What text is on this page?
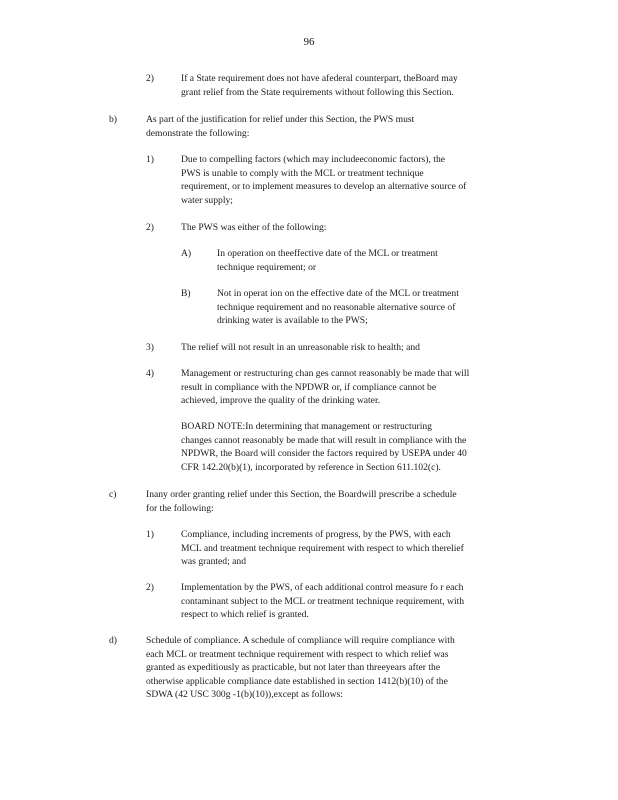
96
2)	If a State requirement does not have afederal counterpart, theBoard may
grant relief from the State requirements without following this Section.
b)	As part of the justification for relief under this Section, the PWS must
demonstrate the following:
1)	Due to compelling factors (which may includeeconomic factors), the
PWS is unable to comply with the MCL or treatment technique
requirement, or to implement measures to develop an alternative source of
water supply;
2)	The PWS was either of the following:
A)	In operation on theeffective date of the MCL or treatment
technique requirement; or
B)	Not in operat ion on the effective date of the MCL or treatment
technique requirement and no reasonable alternative source of
drinking water is available to the PWS;
3)	The relief will not result in an unreasonable risk to health; and
4)	Management or restructuring chan ges cannot reasonably be made that will
result in compliance with the NPDWR or, if compliance cannot be
achieved, improve the quality of the drinking water.
BOARD NOTE:In determining that management or restructuring
changes cannot reasonably be made that will result in compliance with the
NPDWR, the Board will consider the factors required by USEPA under 40
CFR 142.20(b)(1), incorporated by reference in Section 611.102(c).
c)	Inany order granting relief under this Section, the Boardwill prescribe a schedule
for the following:
1)	Compliance, including increments of progress, by the PWS, with each
MCL and treatment technique requirement with respect to which therelief
was granted; and
2)	Implementation by the PWS, of each additional control measure fo r each
contaminant subject to the MCL or treatment technique requirement, with
respect to which relief is granted.
d)	Schedule of compliance. A schedule of compliance will require compliance with
each MCL or treatment technique requirement with respect to which relief was
granted as expeditiously as practicable, but not later than threeyears after the
otherwise applicable compliance date established in section 1412(b)(10) of the
SDWA (42 USC 300g -1(b)(10)),except as follows:
